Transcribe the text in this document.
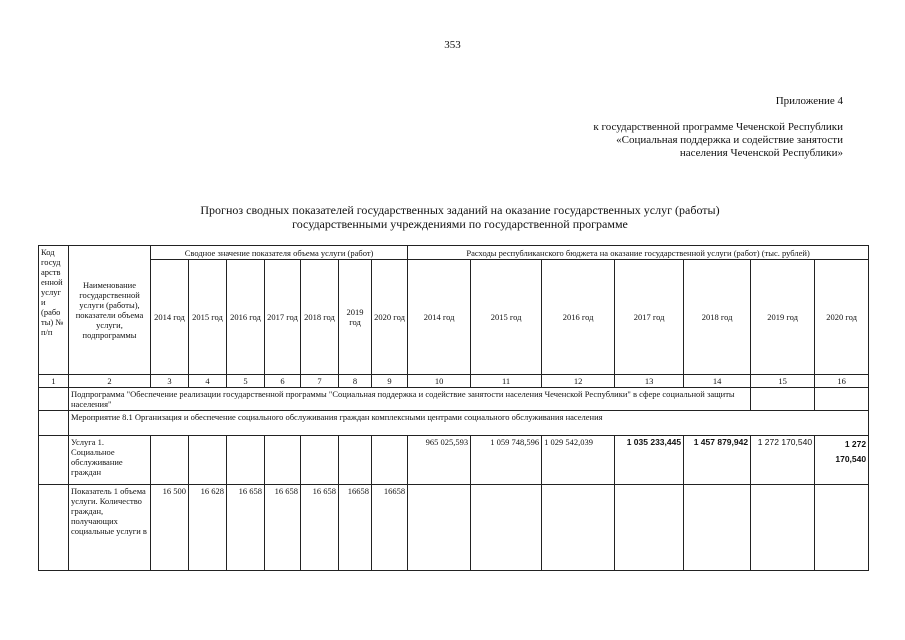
353
Приложение 4
к государственной программе Чеченской Республики
«Социальная поддержка и содействие занятости
населения Чеченской Республики»
Прогноз сводных показателей государственных заданий на оказание государственных услуг (работы)
государственными учреждениями по государственной программе
Код госуд арств енной услуг и (рабо ты) № п/п	Наименование государственной услуги (работы), показатели объема услуги, подпрограммы	Сводное значение показателя объема услуги (работ)							Расходы республиканского бюджета на оказание государственной услуги (работ) (тыс. рублей)						
		2014 год	2015 год	2016 год	2017 год	2018 год	2019 год	2020 год	2014 год	2015 год	2016 год	2017 год	2018 год	2019 год	2020 год
1	2	3	4	5	6	7	8	9	10	11	12	13	14	15	16
	Подпрограмма "Обеспечение реализации государственной программы "Социальная поддержка и содействие занятости населения Чеченской Республики" в сфере социальной защиты населения"														
	Мероприятие 8.1 Организация и обеспечение социального обслуживания граждан комплексными центрами социального обслуживания населения														
	Услуга 1. Социальное обслуживание граждан								965 025,593	1 059 748,596	1 029 542,039	1 035 233,445	1 457 879,942	1 272 170,540	1 272 170,540
	Показатель 1 объема услуги. Количество граждан, получающих социальные услуги в	16 500	16 628	16 658	16 658	16 658	16658	16658							
